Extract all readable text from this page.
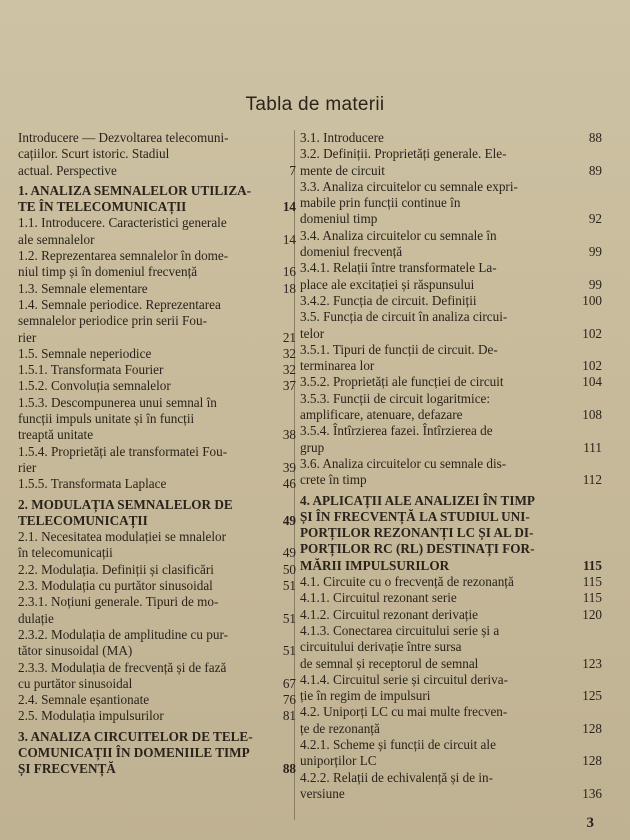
Tabla de materii
Introducere — Dezvoltarea telecomuni-
cațiilor. Scurt istoric. Stadiul
actual. Perspective	7
1. ANALIZA SEMNALELOR UTILIZA-
TE ÎN TELECOMUNICAȚII	14
1.1. Introducere. Caracteristici generale
ale semnalelor	14
1.2. Reprezentarea semnalelor în dome-
niul timp și în domeniul frecvență	16
1.3. Semnale elementare	18
1.4. Semnale periodice. Reprezentarea
semnalelor periodice prin serii Fou-
rier	21
1.5. Semnale neperiodice	32
1.5.1. Transformata Fourier	32
1.5.2. Convoluția semnalelor	37
1.5.3. Descompunerea unui semnal în
funcții impuls unitate și în funcții
treaptă unitate	38
1.5.4. Proprietăți ale transformatei Fou-
rier	39
1.5.5. Transformata Laplace	46
2. MODULAȚIA SEMNALELOR DE
TELECOMUNICAȚII	49
2.1. Necesitatea modulației se mnalelor
în telecomunicații	49
2.2. Modulația. Definiții și clasificări	50
2.3. Modulația cu purtător sinusoidal	51
2.3.1. Noțiuni generale. Tipuri de mo-
dulație	51
2.3.2. Modulația de amplitudine cu pur-
tător sinusoidal (MA)	51
2.3.3. Modulația de frecvență și de fază
cu purtător sinusoidal	67
2.4. Semnale eșantionate	76
2.5. Modulația impulsurilor	81
3. ANALIZA CIRCUITELOR DE TELE-
COMUNICAȚII ÎN DOMENIILE TIMP
ȘI FRECVENȚĂ	88
3.1. Introducere	88
3.2. Definiții. Proprietăți generale. Ele-
mente de circuit	89
3.3. Analiza circuitelor cu semnale expri-
mabile prin funcții continue în
domeniul timp	92
3.4. Analiza circuitelor cu semnale în
domeniul frecvență	99
3.4.1. Relații între transformatele La-
place ale excitației și răspunsului	99
3.4.2. Funcția de circuit. Definiții	100
3.5. Funcția de circuit în analiza circui-
telor	102
3.5.1. Tipuri de funcții de circuit. De-
terminarea lor	102
3.5.2. Proprietăți ale funcției de circuit	104
3.5.3. Funcții de circuit logaritmice:
amplificare, atenuare, defazare	108
3.5.4. Întîrzierea fazei. Întîrzierea de
grup	111
3.6. Analiza circuitelor cu semnale dis-
crete în timp	112
4. APLICAȚII ALE ANALIZEI ÎN TIMP
ȘI ÎN FRECVENȚĂ LA STUDIUL UNI-
PORȚILOR REZONANȚI LC ȘI AL DI-
PORȚILOR RC (RL) DESTINAȚI FOR-
MĂRII IMPULSURILOR	115
4.1. Circuite cu o frecvență de rezonanță	115
4.1.1. Circuitul rezonant serie	115
4.1.2. Circuitul rezonant derivație	120
4.1.3. Conectarea circuitului serie și a
circuitului derivație între sursa
de semnal și receptorul de semnal	123
4.1.4. Circuitul serie și circuitul deriva-
ție în regim de impulsuri	125
4.2. Uniporți LC cu mai multe frecven-
țe de rezonanță	128
4.2.1. Scheme și funcții de circuit ale
uniporților LC	128
4.2.2. Relații de echivalență și de in-
versiune	136
3
